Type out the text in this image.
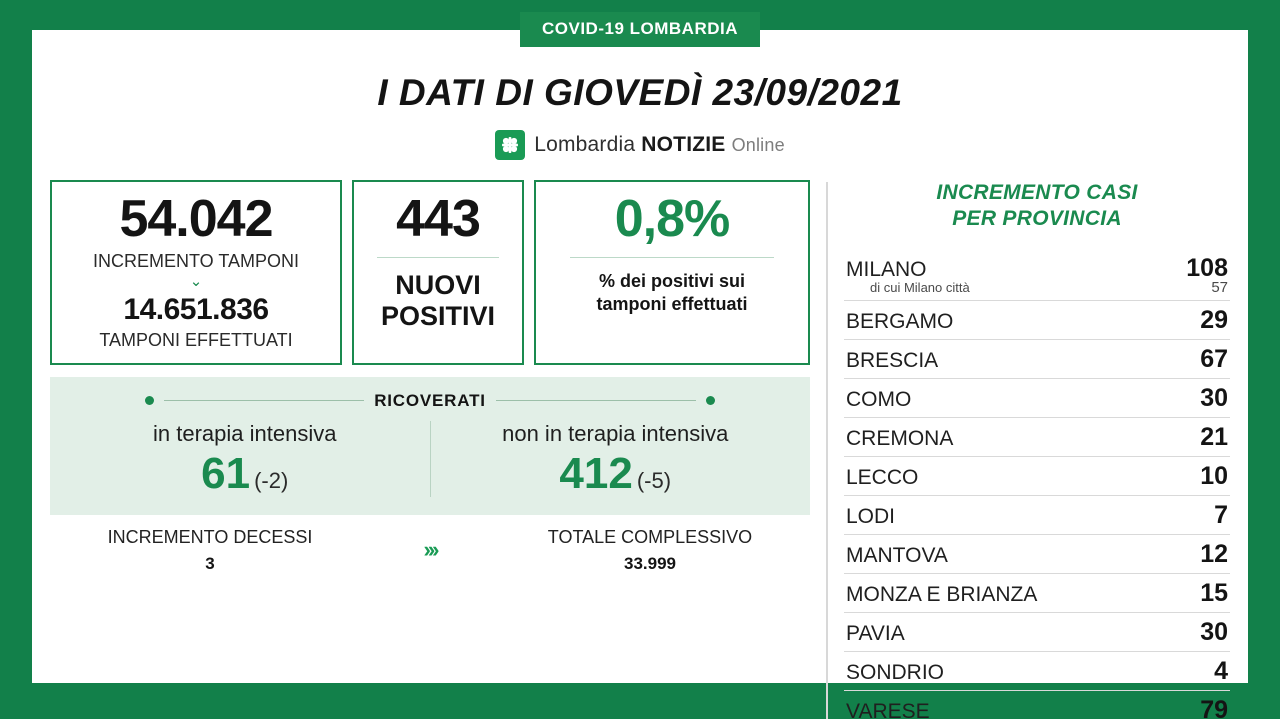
COVID-19 LOMBARDIA
I DATI DI GIOVEDÌ 23/09/2021
Lombardia NOTIZIE Online
54.042
INCREMENTO TAMPONI
⌄
14.651.836
TAMPONI EFFETTUATI
443
NUOVI
POSITIVI
0,8%
% dei positivi sui
tamponi effettuati
RICOVERATI
in terapia intensiva
61 (-2)
non in terapia intensiva
412 (-5)
INCREMENTO DECESSI
3
›››
TOTALE COMPLESSIVO
33.999
INCREMENTO CASI
PER PROVINCIA
MILANO	108
di cui Milano città	57
BERGAMO	29
BRESCIA	67
COMO	30
CREMONA	21
LECCO	10
LODI	7
MANTOVA	12
MONZA E BRIANZA	15
PAVIA	30
SONDRIO	4
VARESE	79
